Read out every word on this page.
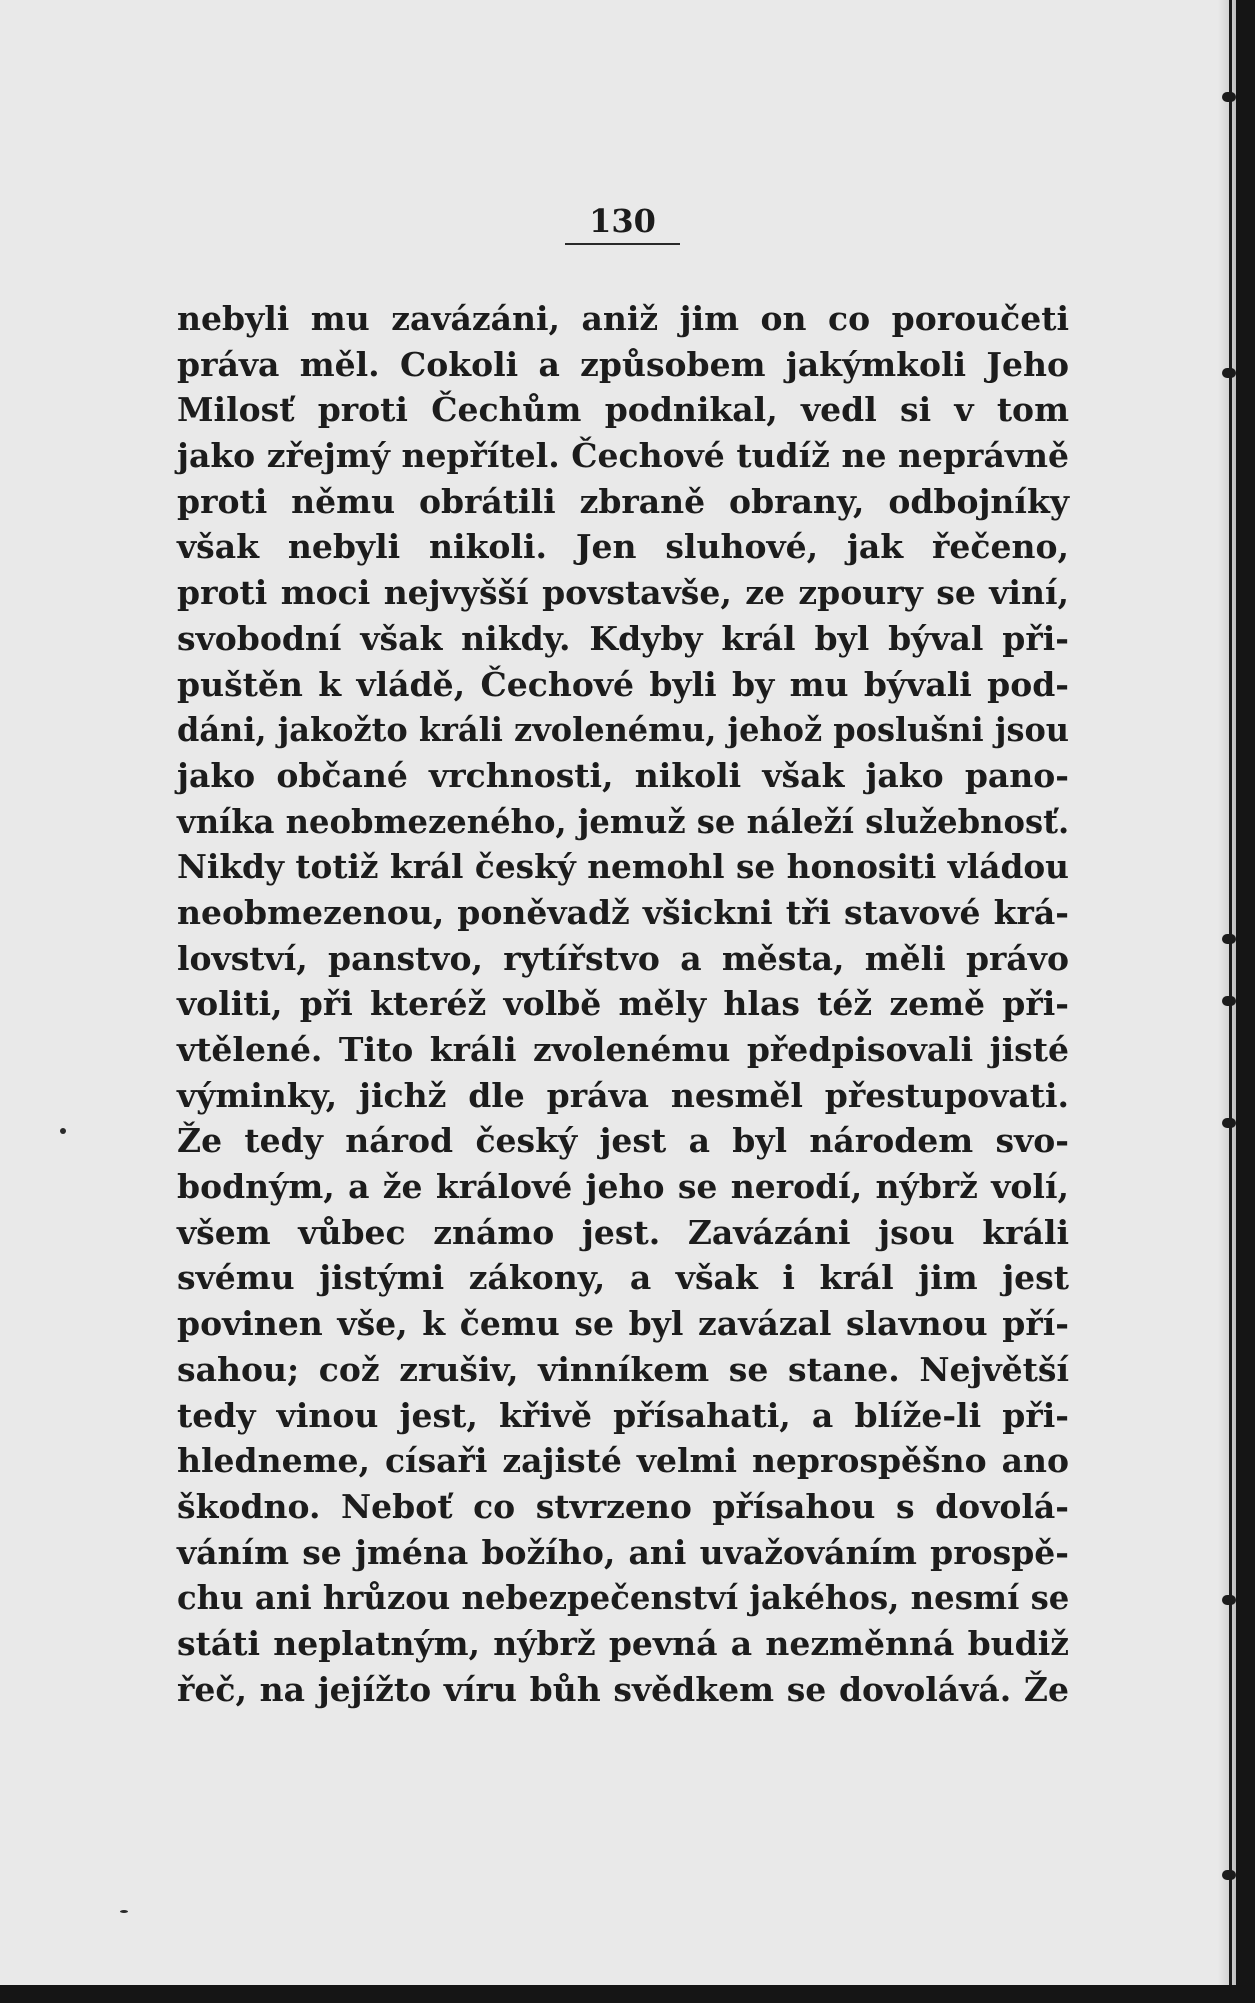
130
nebyli mu zavázáni, aniž jim on co poroučeti
práva měl. Cokoli a způsobem jakýmkoli Jeho
Milosť proti Čechům podnikal, vedl si v tom
jako zřejmý nepřítel. Čechové tudíž ne neprávně
proti němu obrátili zbraně obrany, odbojníky
však nebyli nikoli. Jen sluhové, jak řečeno,
proti moci nejvyšší povstavše, ze zpoury se viní,
svobodní však nikdy. Kdyby král byl býval při-
puštěn k vládě, Čechové byli by mu bývali pod-
dáni, jakožto králi zvolenému, jehož poslušni jsou
jako občané vrchnosti, nikoli však jako pano-
vníka neobmezeného, jemuž se náleží služebnosť.
Nikdy totiž král český nemohl se honositi vládou
neobmezenou, poněvadž všickni tři stavové krá-
lovství, panstvo, rytířstvo a města, měli právo
voliti, při kteréž volbě měly hlas též země při-
vtělené. Tito králi zvolenému předpisovali jisté
výminky, jichž dle práva nesměl přestupovati.
Že tedy národ český jest a byl národem svo-
bodným, a že králové jeho se nerodí, nýbrž volí,
všem vůbec známo jest. Zavázáni jsou králi
svému jistými zákony, a však i král jim jest
povinen vše, k čemu se byl zavázal slavnou pří-
sahou; což zrušiv, vinníkem se stane. Největší
tedy vinou jest, křivě přísahati, a blíže-li při-
hledneme, císaři zajisté velmi neprospěšno ano
škodno. Neboť co stvrzeno přísahou s dovolá-
váním se jména božího, ani uvažováním prospě-
chu ani hrůzou nebezpečenství jakéhos, nesmí se
státi neplatným, nýbrž pevná a nezměnná budiž
řeč, na jejížto víru bůh svědkem se dovolává. Že
